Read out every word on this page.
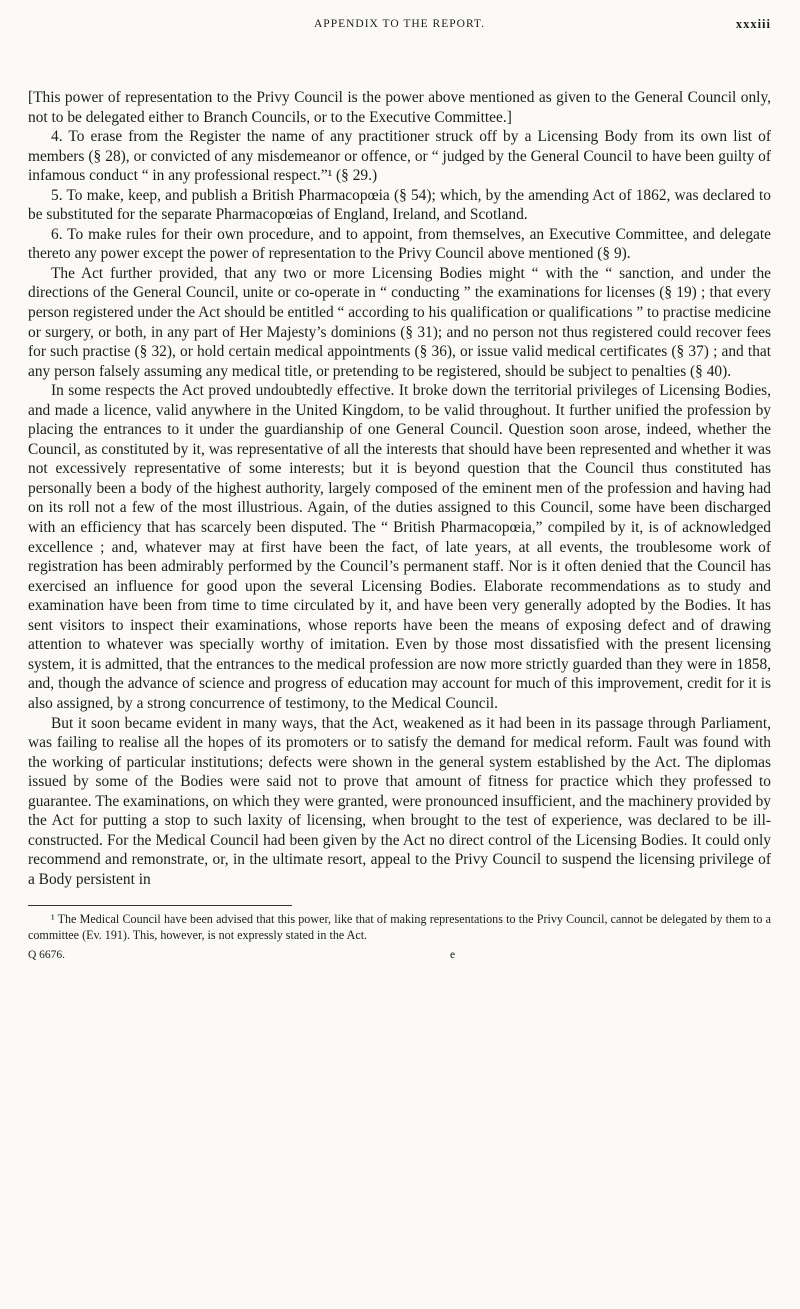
APPENDIX TO THE REPORT.	xxxiii

[This power of representation to the Privy Council is the power above mentioned as given to the General Council only, not to be delegated either to Branch Councils, or to the Executive Committee.]

4. To erase from the Register the name of any practitioner struck off by a Licensing Body from its own list of members (§ 28), or convicted of any misdemeanor or offence, or “ judged by the General Council to have been guilty of infamous conduct “ in any professional respect.”¹ (§ 29.)

5. To make, keep, and publish a British Pharmacopœia (§ 54); which, by the amending Act of 1862, was declared to be substituted for the separate Pharmacopœias of England, Ireland, and Scotland.

6. To make rules for their own procedure, and to appoint, from themselves, an Executive Committee, and delegate thereto any power except the power of representation to the Privy Council above mentioned (§ 9).

The Act further provided, that any two or more Licensing Bodies might “ with the “ sanction, and under the directions of the General Council, unite or co-operate in “ conducting ” the examinations for licenses (§ 19) ; that every person registered under the Act should be entitled “ according to his qualification or qualifications ” to practise medicine or surgery, or both, in any part of Her Majesty’s dominions (§ 31); and no person not thus registered could recover fees for such practise (§ 32), or hold certain medical appointments (§ 36), or issue valid medical certificates (§ 37) ; and that any person falsely assuming any medical title, or pretending to be registered, should be subject to penalties (§ 40).

In some respects the Act proved undoubtedly effective. It broke down the territorial privileges of Licensing Bodies, and made a licence, valid anywhere in the United Kingdom, to be valid throughout. It further unified the profession by placing the entrances to it under the guardianship of one General Council. Question soon arose, indeed, whether the Council, as constituted by it, was representative of all the interests that should have been represented and whether it was not excessively representative of some interests; but it is beyond question that the Council thus constituted has personally been a body of the highest authority, largely composed of the eminent men of the profession and having had on its roll not a few of the most illustrious. Again, of the duties assigned to this Council, some have been discharged with an efficiency that has scarcely been disputed. The “ British Pharmacopœia,” compiled by it, is of acknowledged excellence ; and, whatever may at first have been the fact, of late years, at all events, the troublesome work of registration has been admirably performed by the Council’s permanent staff. Nor is it often denied that the Council has exercised an influence for good upon the several Licensing Bodies. Elaborate recommendations as to study and examination have been from time to time circulated by it, and have been very generally adopted by the Bodies. It has sent visitors to inspect their examinations, whose reports have been the means of exposing defect and of drawing attention to whatever was specially worthy of imitation. Even by those most dissatisfied with the present licensing system, it is admitted, that the entrances to the medical profession are now more strictly guarded than they were in 1858, and, though the advance of science and progress of education may account for much of this improvement, credit for it is also assigned, by a strong concurrence of testimony, to the Medical Council.

But it soon became evident in many ways, that the Act, weakened as it had been in its passage through Parliament, was failing to realise all the hopes of its promoters or to satisfy the demand for medical reform. Fault was found with the working of particular institutions; defects were shown in the general system established by the Act. The diplomas issued by some of the Bodies were said not to prove that amount of fitness for practice which they professed to guarantee. The examinations, on which they were granted, were pronounced insufficient, and the machinery provided by the Act for putting a stop to such laxity of licensing, when brought to the test of experience, was declared to be ill-constructed. For the Medical Council had been given by the Act no direct control of the Licensing Bodies. It could only recommend and remonstrate, or, in the ultimate resort, appeal to the Privy Council to suspend the licensing privilege of a Body persistent in

¹ The Medical Council have been advised that this power, like that of making representations to the Privy Council, cannot be delegated by them to a committee (Ev. 191). This, however, is not expressly stated in the Act.

Q 6676.	e
